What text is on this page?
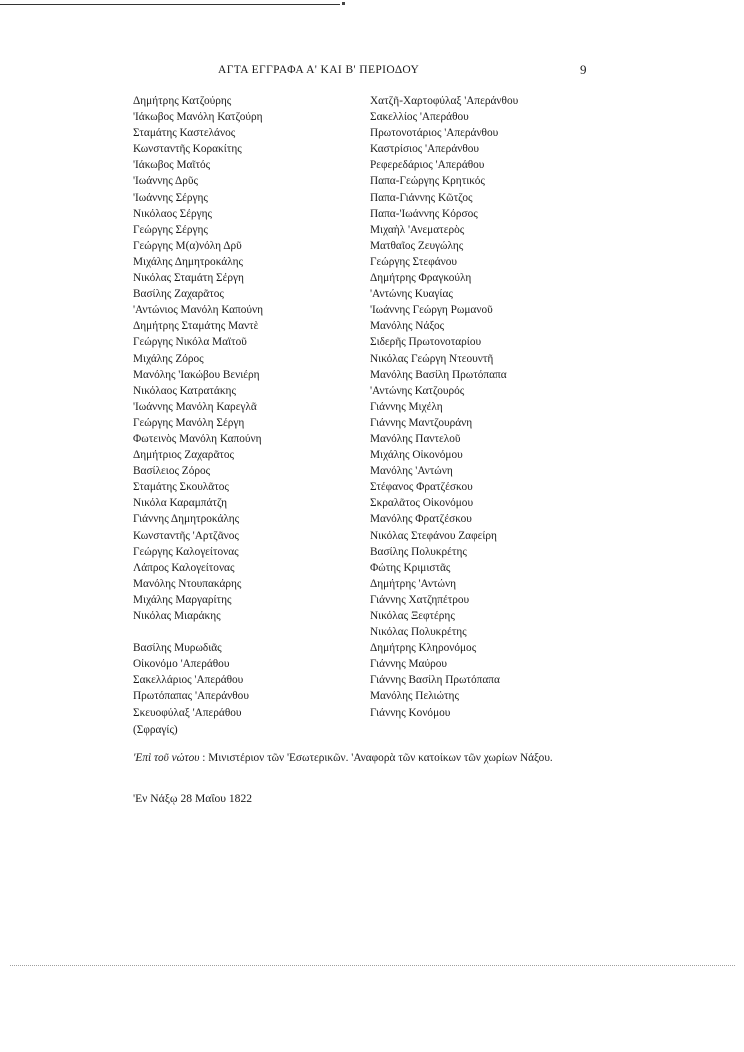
ΑΓΤΑ ΕΓΓΡΑΦΑ Α' ΚΑΙ Β' ΠΕΡΙΟΔΟΥ	9
Δημήτρης Κατζούρης
'Ιάκωβος Μανόλη Κατζούρη
Σταμάτης Καστελάνος
Κωνσταντῆς Κορακίτης
'Ιάκωβος Μαῖτός
'Ιωάννης Δρῦς
'Ιωάννης Σέργης
Νικόλαος Σέργης
Γεώργης Σέργης
Γεώργης Μ(α)νόλη Δρῦ
Μιχάλης Δημητροκάλης
Νικόλας Σταμάτη Σέργη
Βασίλης Ζαχαρᾶτος
'Αντώνιος Μανόλη Καπούνη
Δημήτρης Σταμάτης Μαντὲ
Γεώργης Νικόλα Μαϊτοῦ
Μιχάλης Ζόρος
Μανόλης 'Ιακώβου Βενιέρη
Νικόλαος Κατρατάκης
'Ιωάννης Μανόλη Καρεγλᾶ
Γεώργης Μανόλη Σέργη
Φωτεινὸς Μανόλη Καπούνη
Δημήτριος Ζαχαρᾶτος
Βασίλειος Ζόρος
Σταμάτης Σκουλᾶτος
Νικόλα Καραμπάτζη
Γιάννης Δημητροκάλης
Κωνσταντῆς 'Αρτζᾶνος
Γεώργης Καλογείτονας
Λάπρος Καλογείτονας
Μανόλης Ντουπακάρης
Μιχάλης Μαργαρίτης
Νικόλας Μιαράκης
Βασίλης Μυρωδιᾶς
Οἰκονόμο 'Απεράθου
Σακελλάριος 'Απεράθου
Πρωτόπαπας 'Απεράνθου
Σκευοφύλαξ 'Απεράθου
Χατζῆ-Χαρτοφύλαξ 'Απεράνθου
Σακελλίος 'Απεράθου
Πρωτονοτάριος 'Απεράνθου
Καστρίσιος 'Απεράνθου
Ρεφερεδάριος 'Απεράθου
Παπα-Γεώργης Κρητικός
Παπα-Γιάννης Κῶτζος
Παπα-'Ιωάννης Κόρσος
Μιχαὴλ 'Ανεματερὸς
Ματθαῖος Ζευγώλης
Γεώργης Στεφάνου
Δημήτρης Φραγκούλη
'Αντώνης Κυαγίας
'Ιωάννης Γεώργη Ρωμανοῦ
Μανόλης Νάξος
Σιδερῆς Πρωτονοταρίου
Νικόλας Γεώργη Ντεουντῆ
Μανόλης Βασίλη Πρωτόπαπα
'Αντώνης Κατζουρός
Γιάννης Μιχέλη
Γιάννης Μαντζουράνη
Μανόλης Παντελοῦ
Μιχάλης Οἰκονόμου
Μανόλης 'Αντώνη
Στέφανος Φρατζέσκου
Σκραλᾶτος Οἰκονόμου
Μανόλης Φρατζέσκου
Νικόλας Στεφάνου Ζαφείρη
Βασίλης Πολυκρέτης
Φώτης Κριμιστᾶς
Δημήτρης 'Αντώνη
Γιάννης Χατζηπέτρου
Νικόλας Ξεφτέρης
Νικόλας Πολυκρέτης
Δημήτρης Κληρονόμος
Γιάννης Μαύρου
Γιάννης Βασίλη Πρωτόπαπα
Μανόλης Πελιώτης
Γιάννης Κονόμου
(Σφραγίς)
'Επὶ τοῦ νώτου : Μινιστέριον τῶν 'Εσωτερικῶν. 'Αναφορὰ τῶν κατοίκων τῶν χωρίων Νάξου.
'Εν Νάξῳ 28 Μαΐου 1822
